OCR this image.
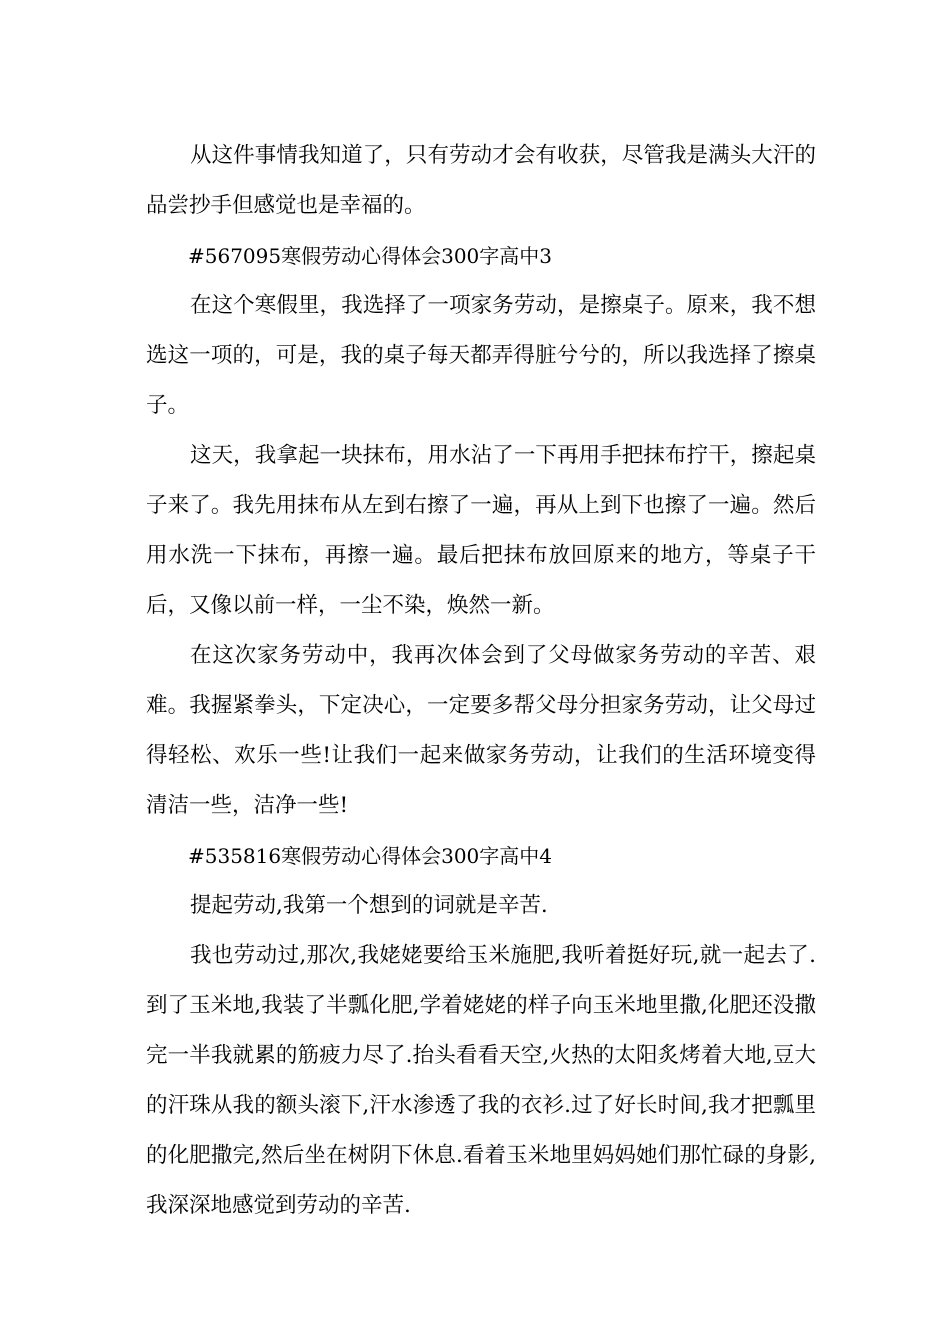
从这件事情我知道了，只有劳动才会有收获，尽管我是满头大汗的品尝抄手但感觉也是幸福的。

#567095寒假劳动心得体会300字高中3

在这个寒假里，我选择了一项家务劳动，是擦桌子。原来，我不想选这一项的，可是，我的桌子每天都弄得脏兮兮的，所以我选择了擦桌子。

这天，我拿起一块抹布，用水沾了一下再用手把抹布拧干，擦起桌子来了。我先用抹布从左到右擦了一遍，再从上到下也擦了一遍。然后用水洗一下抹布，再擦一遍。最后把抹布放回原来的地方，等桌子干后，又像以前一样，一尘不染，焕然一新。

在这次家务劳动中，我再次体会到了父母做家务劳动的辛苦、艰难。我握紧拳头，下定决心，一定要多帮父母分担家务劳动，让父母过得轻松、欢乐一些!让我们一起来做家务劳动，让我们的生活环境变得清洁一些，洁净一些!

#535816寒假劳动心得体会300字高中4

提起劳动,我第一个想到的词就是辛苦.

我也劳动过,那次,我姥姥要给玉米施肥,我听着挺好玩,就一起去了.到了玉米地,我装了半瓢化肥,学着姥姥的样子向玉米地里撒,化肥还没撒完一半我就累的筋疲力尽了.抬头看看天空,火热的太阳炙烤着大地,豆大的汗珠从我的额头滚下,汗水渗透了我的衣衫.过了好长时间,我才把瓢里的化肥撒完,然后坐在树阴下休息.看着玉米地里妈妈她们那忙碌的身影,我深深地感觉到劳动的辛苦.
